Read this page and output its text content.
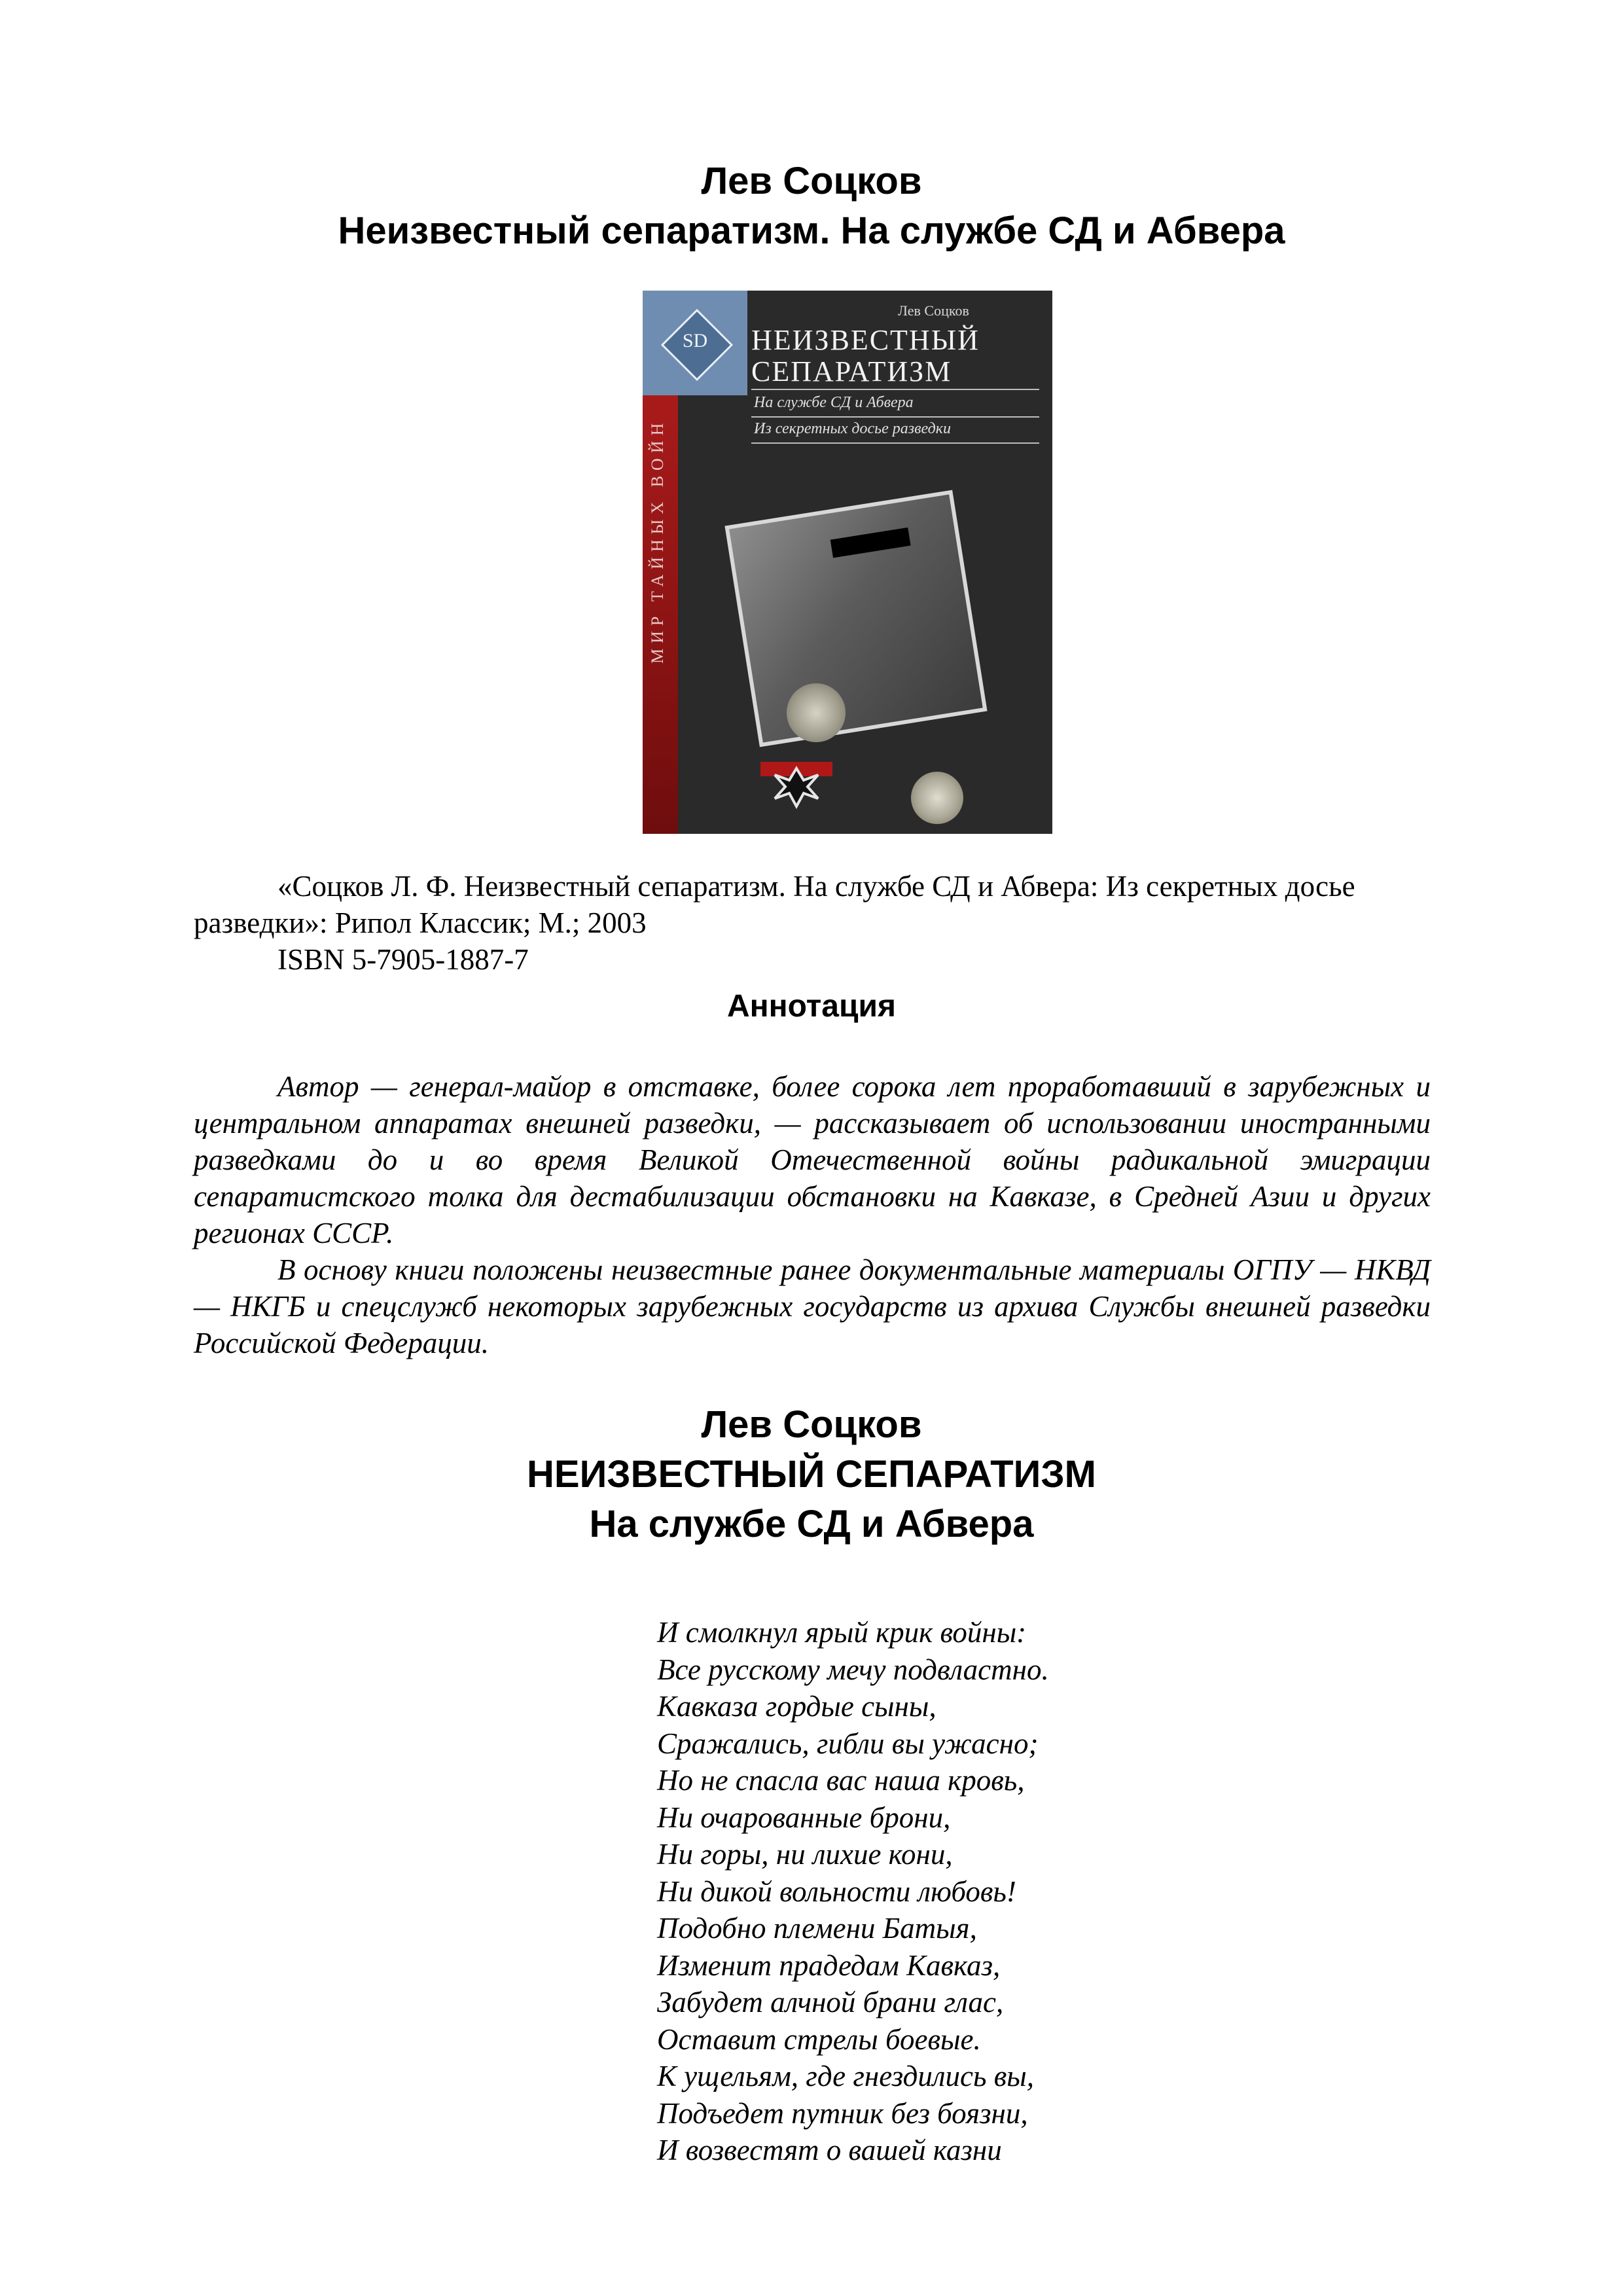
Лев Соцков
Неизвестный сепаратизм. На службе СД и Абвера
МИР ТАЙНЫХ ВОЙН
SD
Лев Соцков
НЕИЗВЕСТНЫЙ
СЕПАРАТИЗМ
На службе СД и Абвера
Из секретных досье разведки

«Соцков Л. Ф. Неизвестный сепаратизм. На службе СД и Абвера: Из секретных досье разведки»: Рипол Классик; М.; 2003

ISBN 5-7905-1887-7

Аннотация

Автор — генерал-майор в отставке, более сорока лет проработавший в зарубежных и центральном аппаратах внешней разведки, — рассказывает об использовании иностранными разведками до и во время Великой Отечественной войны радикальной эмиграции сепаратистского толка для дестабилизации обстановки на Кавказе, в Средней Азии и других регионах СССР.

В основу книги положены неизвестные ранее документальные материалы ОГПУ — НКВД — НКГБ и спецслужб некоторых зарубежных государств из архива Службы внешней разведки Российской Федерации.

Лев Соцков
НЕИЗВЕСТНЫЙ СЕПАРАТИЗМ
На службе СД и Абвера
И смолкнул ярый крик войны:
Все русскому мечу подвластно.
Кавказа гордые сыны,
Сражались, гибли вы ужасно;
Но не спасла вас наша кровь,
Ни очарованные брони,
Ни горы, ни лихие кони,
Ни дикой вольности любовь!
Подобно племени Батыя,
Изменит прадедам Кавказ,
Забудет алчной брани глас,
Оставит стрелы боевые.
К ущельям, где гнездились вы,
Подъедет путник без боязни,
И возвестят о вашей казни
